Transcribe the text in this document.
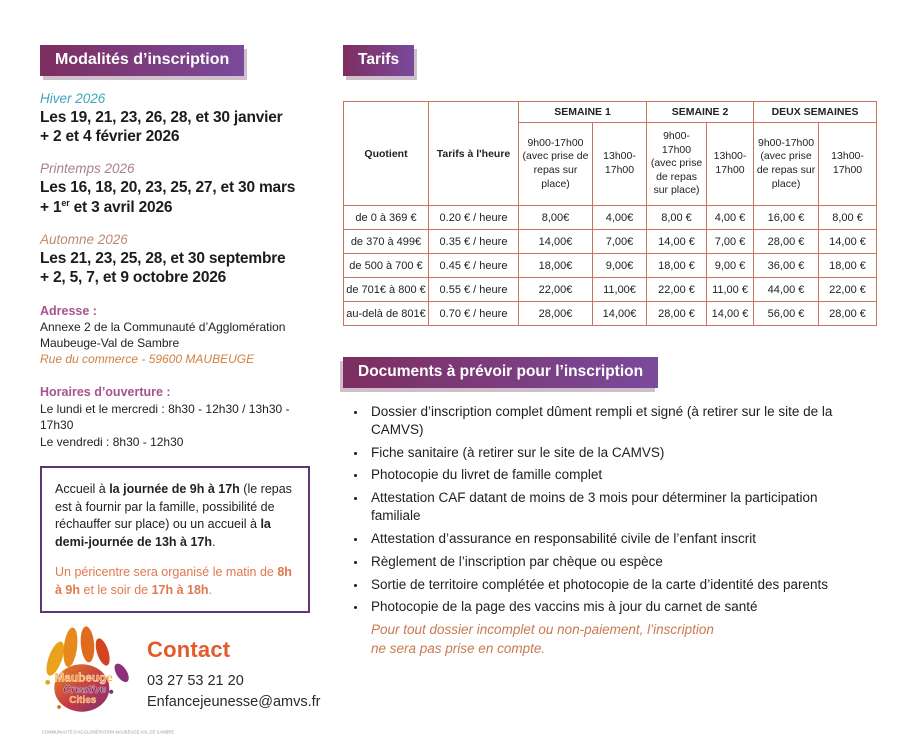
Modalités d’inscription
Hiver 2026
Les 19, 21, 23, 26, 28, et 30 janvier
+ 2 et 4 février 2026
Printemps 2026
Les 16, 18, 20, 23, 25, 27, et 30 mars
+ 1er et 3 avril 2026
Automne 2026
Les 21, 23, 25, 28, et 30 septembre
+ 2, 5, 7, et 9 octobre 2026
Adresse :
Annexe 2 de la Communauté d’Agglomération
Maubeuge-Val de Sambre
Rue du commerce - 59600 MAUBEUGE
Horaires d’ouverture :
Le lundi et le mercredi : 8h30 - 12h30 / 13h30 - 17h30
Le vendredi : 8h30 - 12h30
Accueil à la journée de 9h à 17h (le repas est à fournir par la famille, possibilité de réchauffer sur place) ou un accueil à la demi-journée de 13h à 17h.
Un péricentre sera organisé le matin de 8h à 9h et le soir de 17h à 18h.
Maubeuge
Creative
Cities
COMMUNAUTÉ D’AGGLOMÉRATION MAUBEUGE-VAL DE SAMBRE
Contact
03 27 53 21 20
Enfancejeunesse@amvs.fr
Tarifs
Quotient	Tarifs à l'heure	SEMAINE 1		SEMAINE 2		DEUX SEMAINES	
		9h00-17h00 (avec prise de repas sur place)	13h00-17h00	9h00-17h00 (avec prise de repas sur place)	13h00-17h00	9h00-17h00 (avec prise de repas sur place)	13h00-17h00
de 0 à 369 €	0.20 € / heure	8,00€	4,00€	8,00 €	4,00 €	16,00 €	8,00 €
de 370 à 499€	0.35 € / heure	14,00€	7,00€	14,00 €	7,00 €	28,00 €	14,00 €
de 500 à 700 €	0.45 € / heure	18,00€	9,00€	18,00 €	9,00 €	36,00 €	18,00 €
de 701€ à 800 €	0.55 € / heure	22,00€	11,00€	22,00 €	11,00 €	44,00 €	22,00 €
au-delà de 801€	0.70 € / heure	28,00€	14,00€	28,00 €	14,00 €	56,00 €	28,00 €
Documents à prévoir pour l’inscription
• Dossier d’inscription complet dûment rempli et signé (à retirer sur le site de la CAMVS)
• Fiche sanitaire (à retirer sur le site de la CAMVS)
• Photocopie du livret de famille complet
• Attestation CAF datant de moins de 3 mois pour déterminer la participation familiale
• Attestation d’assurance en responsabilité civile de l’enfant inscrit
• Règlement de l’inscription par chèque ou espèce
• Sortie de territoire complétée et photocopie de la carte d’identité des parents
• Photocopie de la page des vaccins mis à jour du carnet de santé
Pour tout dossier incomplet ou non-paiement, l’inscription
ne sera pas prise en compte.
